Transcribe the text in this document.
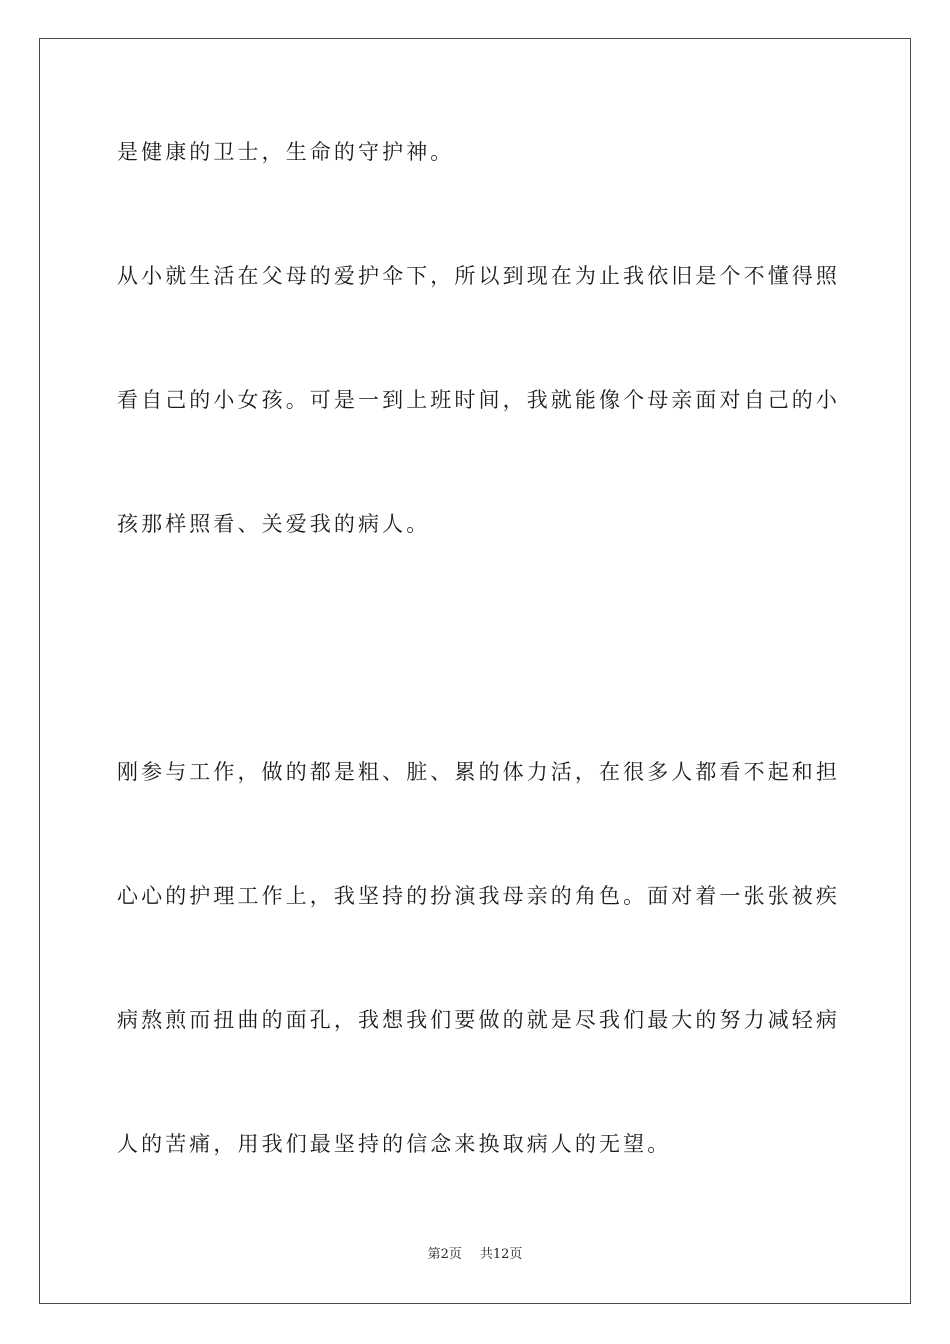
是健康的卫士，生命的守护神。
从小就生活在父母的爱护伞下，所以到现在为止我依旧是个不懂得照
看自己的小女孩。可是一到上班时间，我就能像个母亲面对自己的小
孩那样照看、关爱我的病人。
刚参与工作，做的都是粗、脏、累的体力活，在很多人都看不起和担
心心的护理工作上，我坚持的扮演我母亲的角色。面对着一张张被疾
病熬煎而扭曲的面孔，我想我们要做的就是尽我们最大的努力减轻病
人的苦痛，用我们最坚持的信念来换取病人的无望。
第2页 共12页
